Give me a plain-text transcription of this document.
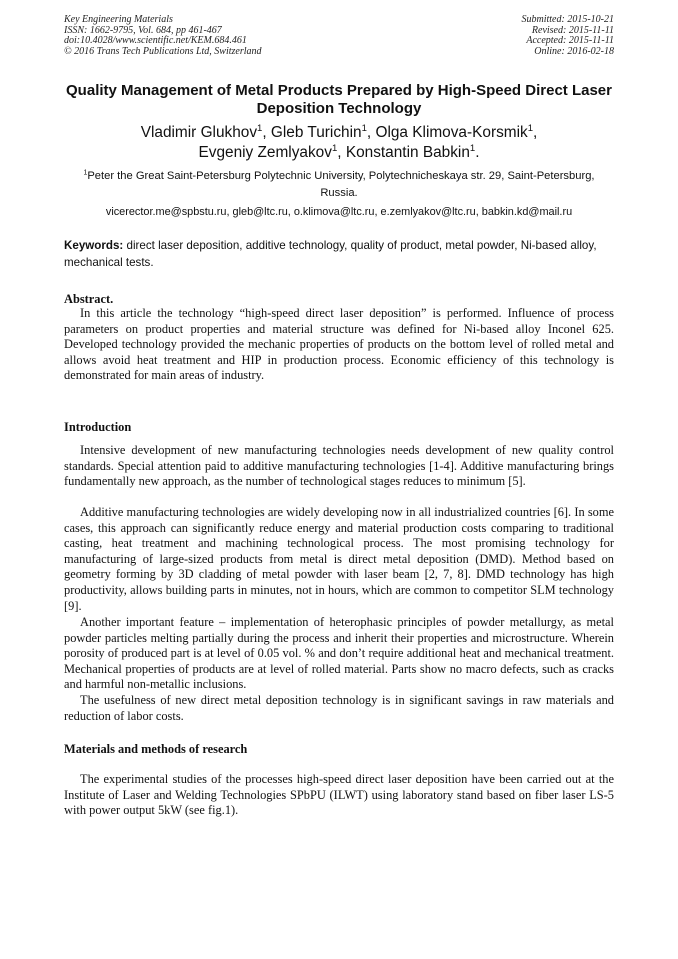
Key Engineering Materials
ISSN: 1662-9795, Vol. 684, pp 461-467
doi:10.4028/www.scientific.net/KEM.684.461
© 2016 Trans Tech Publications Ltd, Switzerland
Submitted: 2015-10-21
Revised: 2015-11-11
Accepted: 2015-11-11
Online: 2016-02-18
Quality Management of Metal Products Prepared by High-Speed Direct Laser Deposition Technology
Vladimir Glukhov$^1$, Gleb Turichin$^1$, Olga Klimova-Korsmik$^1$,
Evgeniy Zemlyakov$^1$, Konstantin Babkin$^1$.
$^1$Peter the Great Saint-Petersburg Polytechnic University, Polytechnicheskaya str. 29, Saint-Petersburg, Russia.
vicerector.me@spbstu.ru, gleb@ltc.ru, o.klimova@ltc.ru, e.zemlyakov@ltc.ru, babkin.kd@mail.ru
Keywords: direct laser deposition, additive technology, quality of product, metal powder, Ni-based alloy, mechanical tests.
Abstract.
In this article the technology “high-speed direct laser deposition” is performed. Influence of process parameters on product properties and material structure was defined for Ni-based alloy Inconel 625. Developed technology provided the mechanic properties of products on the bottom level of rolled metal and allows avoid heat treatment and HIP in production process. Economic efficiency of this technology is demonstrated for main areas of industry.
Introduction
Intensive development of new manufacturing technologies needs development of new quality control standards. Special attention paid to additive manufacturing technologies [1-4]. Additive manufacturing brings fundamentally new approach, as the number of technological stages reduces to minimum [5].
Additive manufacturing technologies are widely developing now in all industrialized countries [6]. In some cases, this approach can significantly reduce energy and material production costs comparing to traditional casting, heat treatment and machining technological process. The most promising technology for manufacturing of large-sized products from metal is direct metal deposition (DMD). Method based on geometry forming by 3D cladding of metal powder with laser beam [2, 7, 8]. DMD technology has high productivity, allows building parts in minutes, not in hours, which are common to competitor SLM technology [9].
Another important feature – implementation of heterophasic principles of powder metallurgy, as metal powder particles melting partially during the process and inherit their properties and microstructure. Wherein porosity of produced part is at level of 0.05 vol. % and don’t require additional heat and mechanical treatment. Mechanical properties of products are at level of rolled material. Parts show no macro defects, such as cracks and harmful non-metallic inclusions.
The usefulness of new direct metal deposition technology is in significant savings in raw materials and reduction of labor costs.
Materials and methods of research
The experimental studies of the processes high-speed direct laser deposition have been carried out at the Institute of Laser and Welding Technologies SPbPU (ILWT) using laboratory stand based on fiber laser LS-5 with power output 5kW (see fig.1).
